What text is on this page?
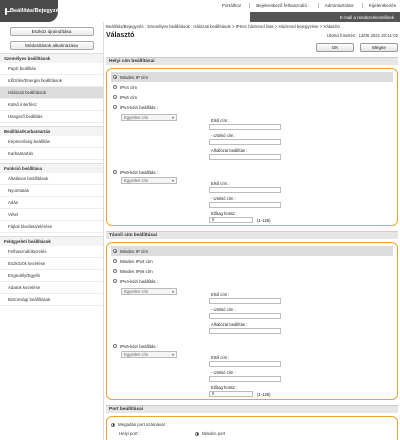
Beállítás/Bejegyzés
Portálhoz	Bejelentkező felhasználó :	Adminisztrátor	Kijelentkezés
E-mail a rendszerkezelőnek
Eszköz újraindítása
Módosítások alkalmazása
Személyes beállítások
Papír beállítás
Időzítés/Energia beállítások
Hálózati beállítások
Külső interfész
Hangerő beállítás
Beállítás/Karbantartás
Képminőség beállítás
Karbantartás
Funkció beállítása
Általános beállítások
Nyomtatás
Adás
Vétel
Fájlok tárolása/elérése
Felügyeleti beállítások
Felhasználókezelés
Eszközök kezelése
Engedély/Egyéb
Adatok kezelése
Biztonsági beállítások
Beállítás/Bejegyzés : Személyes beállítások : Hálózati beállítások > IPSec házirend lista > Házirend bejegyzése > Választó
Választó	Utolsó frissítés : 13/05 2021 20:41:02
OK	Mégse
Helyi cím beállításai
Minden IP cím
IPv4 cím
IPv6 cím
IPv4-kézi beállítás :
Egyetlen cím ▾
Első cím :
- Utolsó cím :
Alhálózat beállítás :
IPv6-kézi beállítás :
Egyetlen cím ▾
Első cím :
- Utolsó cím :
Előtag hossz :
0	(1-128)
Távoli cím beállításai
Minden IP cím
Minden IPv4 cím
Minden IPv6 cím
IPv4-kézi beállítás :
Egyetlen cím ▾
Első cím :
- Utolsó cím :
Alhálózat beállítás :
IPv6-kézi beállítás :
Egyetlen cím ▾
Első cím :
- Utolsó cím :
Előtag hossz :
0	(1-128)
Port beállításai
Megadás port számával :
Helyi port :	Minden port
